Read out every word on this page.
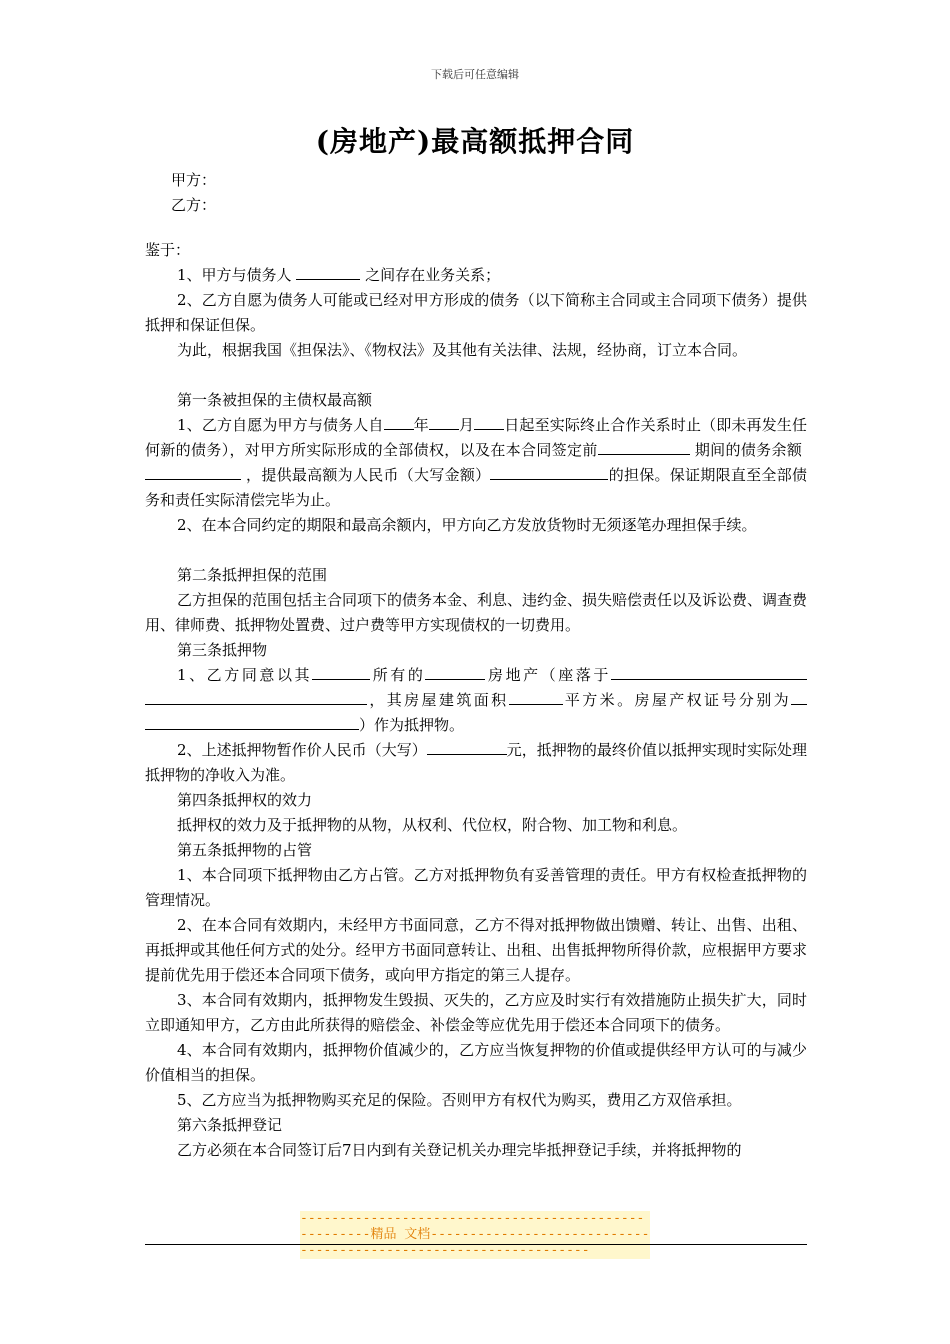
下载后可任意编辑
(房地产)最高额抵押合同
甲方：
乙方：

鉴于：

1、甲方与债务人	之间存在业务关系；

2、乙方自愿为债务人可能或已经对甲方形成的债务（以下简称主合同或主合同项下债务）提供抵押和保证但保。

为此，根据我国《担保法》、《物权法》及其他有关法律、法规，经协商，订立本合同。

第一条被担保的主债权最高额

1、乙方自愿为甲方与债务人自 年 月 日起至实际终止合作关系时止（即未再发生任何新的债务），对甲方所实际形成的全部债权，以及在本合同签定前	期间的债务余额  ，提供最高额为人民币（大写金额）	的担保。保证期限直至全部债务和责任实际清偿完毕为止。

2、在本合同约定的期限和最高余额内，甲方向乙方发放货物时无须逐笔办理担保手续。

第二条抵押担保的范围

乙方担保的范围包括主合同项下的债务本金、利息、违约金、损失赔偿责任以及诉讼费、调查费用、律师费、抵押物处置费、过户费等甲方实现债权的一切费用。

第三条抵押物

1、乙方同意以其	所有的	房地产（座落于，其房屋建筑面积	平方米。房屋产权证号分别为）作为抵押物。

2、上述抵押物暂作价人民币（大写）	元，抵押物的最终价值以抵押实现时实际处理抵押物的净收入为准。

第四条抵押权的效力

抵押权的效力及于抵押物的从物，从权利、代位权，附合物、加工物和利息。

第五条抵押物的占管

1、本合同项下抵押物由乙方占管。乙方对抵押物负有妥善管理的责任。甲方有权检查抵押物的管理情况。

2、在本合同有效期内，未经甲方书面同意，乙方不得对抵押物做出馈赠、转让、出售、出租、再抵押或其他任何方式的处分。经甲方书面同意转让、出租、出售抵押物所得价款，应根据甲方要求提前优先用于偿还本合同项下债务，或向甲方指定的第三人提存。

3、本合同有效期内，抵押物发生毁损、灭失的，乙方应及时实行有效措施防止损失扩大，同时立即通知甲方，乙方由此所获得的赔偿金、补偿金等应优先用于偿还本合同项下的债务。

4、本合同有效期内，抵押物价值减少的，乙方应当恢复押物的价值或提供经甲方认可的与减少价值相当的担保。

5、乙方应当为抵押物购买充足的保险。否则甲方有权代为购买，费用乙方双倍承担。

第六条抵押登记

乙方必须在本合同签订后7日内到有关登记机关办理完毕抵押登记手续，并将抵押物的

-----------------------------------------------------精品 文档-----------------------------------------------------------------
